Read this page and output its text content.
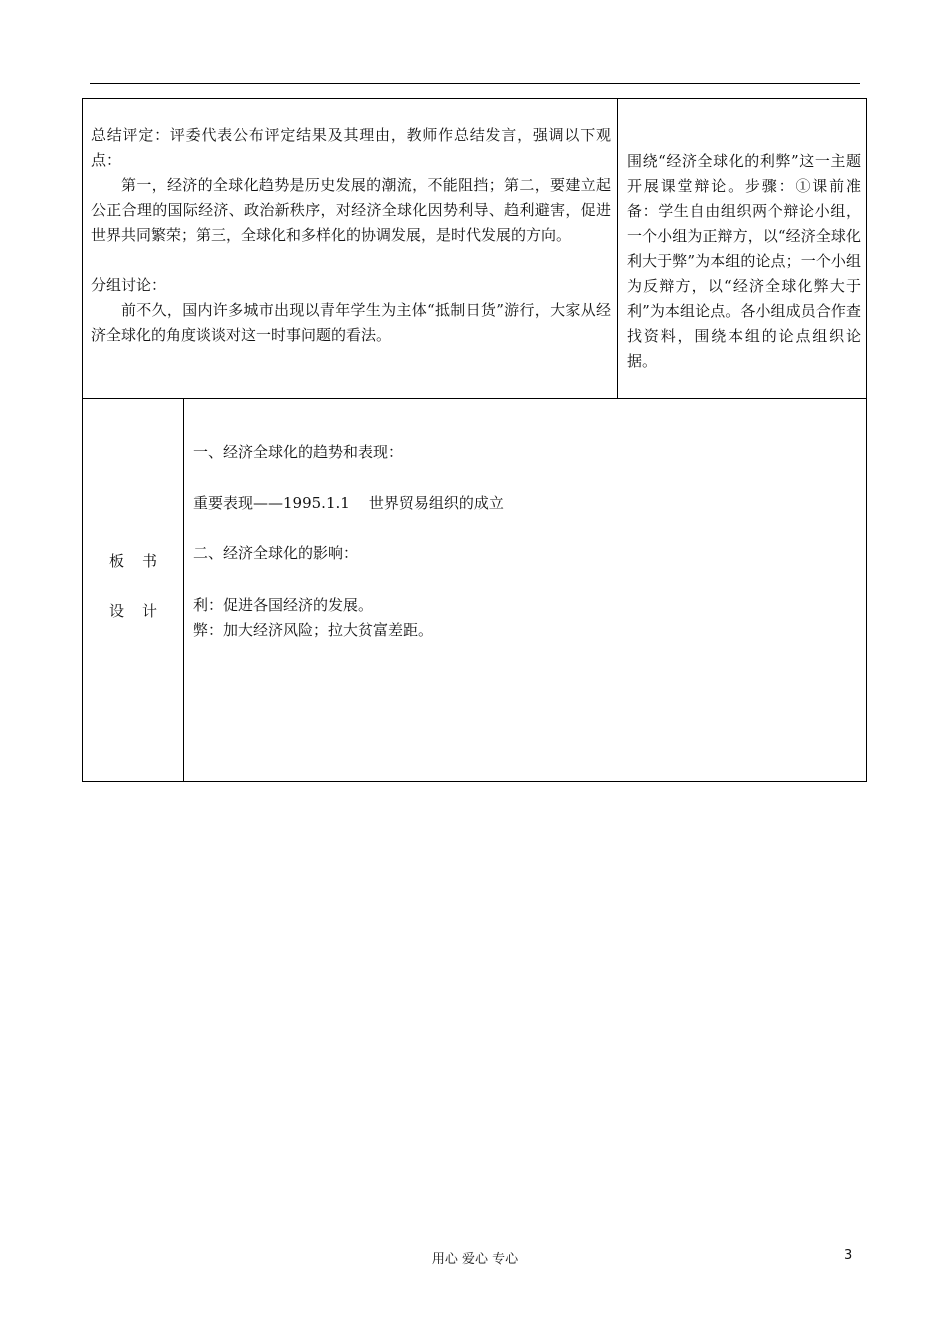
总结评定：评委代表公布评定结果及其理由，教师作总结发言，强调以下观点：

第一，经济的全球化趋势是历史发展的潮流，不能阻挡；第二，要建立起公正合理的国际经济、政治新秩序，对经济全球化因势利导、趋利避害，促进世界共同繁荣；第三，全球化和多样化的协调发展，是时代发展的方向。

分组讨论：

前不久，国内许多城市出现以青年学生为主体“抵制日货”游行，大家从经济全球化的角度谈谈对这一时事问题的看法。

围绕“经济全球化的利弊”这一主题开展课堂辩论。步骤：①课前准备：学生自由组织两个辩论小组，一个小组为正辩方，以“经济全球化利大于弊”为本组的论点；一个小组为反辩方，以“经济全球化弊大于利”为本组论点。各小组成员合作查找资料，围绕本组的论点组织论据。
板书
设计
一、经济全球化的趋势和表现：
重要表现——1995.1.1    世界贸易组织的成立
二、经济全球化的影响：
利：促进各国经济的发展。
弊：加大经济风险；拉大贫富差距。
用心 爱心 专心	3
